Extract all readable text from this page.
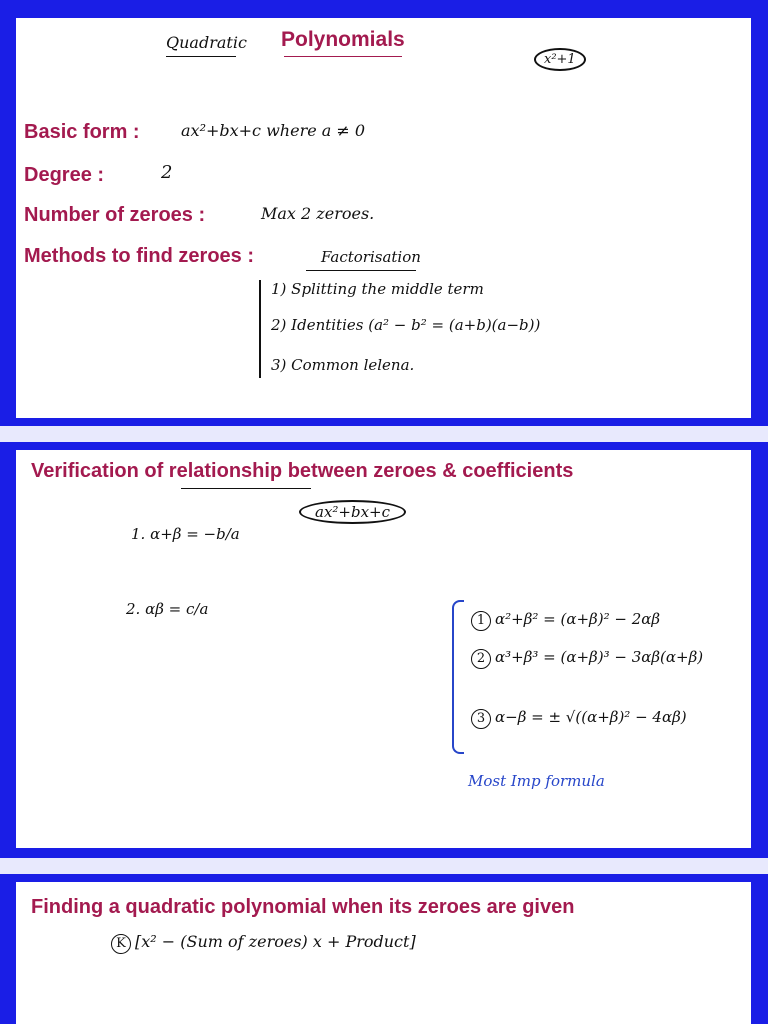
Quadratic Polynomials
x²+1
Basic form :	ax²+bx+c where a ≠ 0
Degree :	2
Number of zeroes :	Max 2 zeroes.
Methods to find zeroes :	Factorisation
1) Splitting the middle term
2) Identities (a² − b² = (a+b)(a−b))
3) Common lelena.
Verification of relationship between zeroes & coefficients
ax²+bx+c
1. α+β = −b/a
2. αβ = c/a
1 α²+β² = (α+β)² − 2αβ
2 α³+β³ = (α+β)³ − 3αβ(α+β)
3 α−β = ± √((α+β)² − 4αβ)
Most Imp formula
Finding a quadratic polynomial when its zeroes are given
K [x² − (Sum of zeroes) x + Product]
